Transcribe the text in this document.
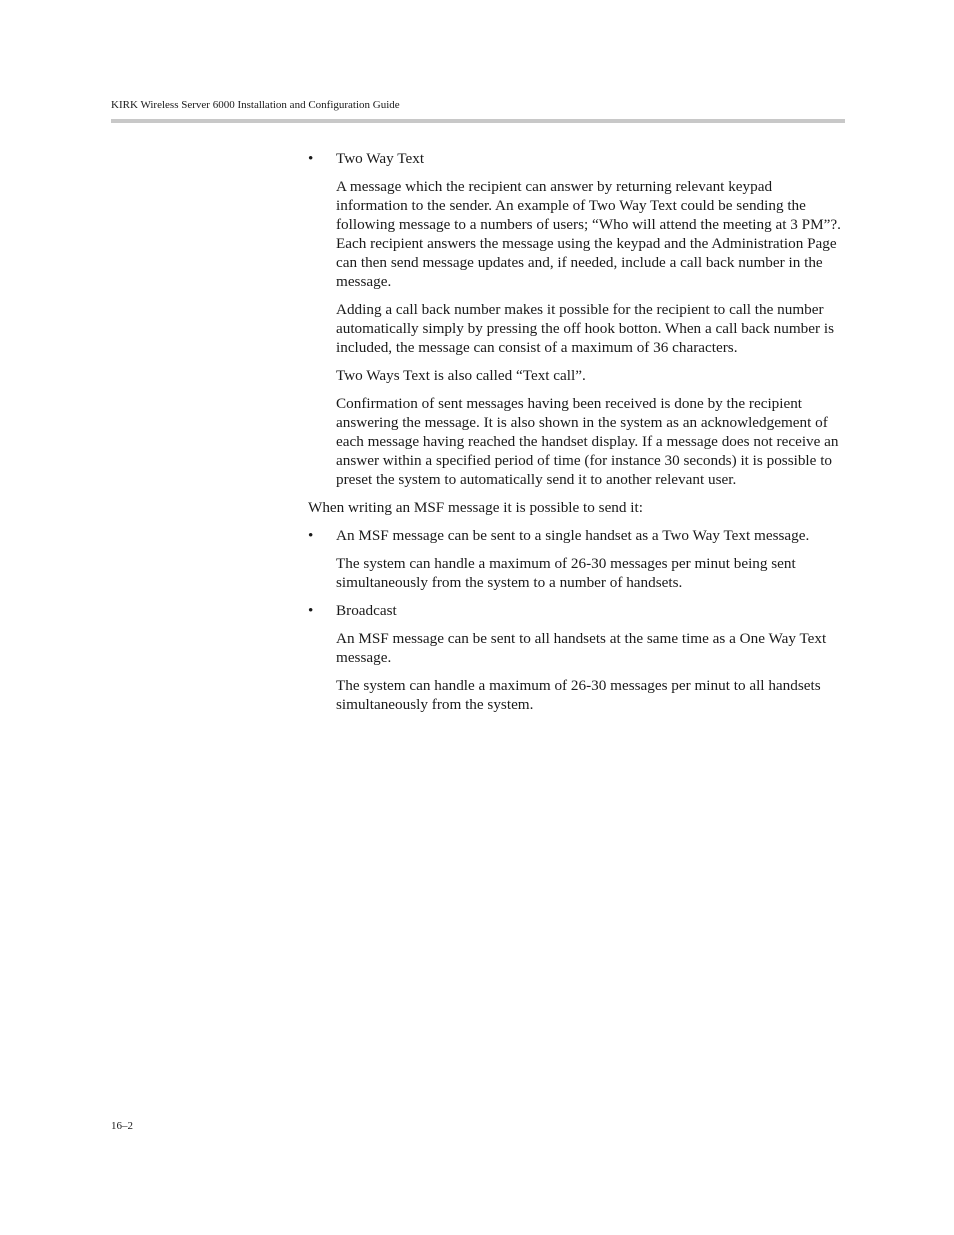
KIRK Wireless Server 6000 Installation and Configuration Guide
• Two Way Text

A message which the recipient can answer by returning relevant keypad information to the sender. An example of Two Way Text could be sending the following message to a numbers of users; “Who will attend the meeting at 3 PM”?. Each recipient answers the message using the keypad and the Administration Page can then send message updates and, if needed, include a call back number in the message.

Adding a call back number makes it possible for the recipient to call the number automatically simply by pressing the off hook botton. When a call back number is included, the message can consist of a maximum of 36 characters.

Two Ways Text is also called “Text call”.

Confirmation of sent messages having been received is done by the recipient answering the message. It is also shown in the system as an acknowledgement of each message having reached the handset display. If a message does not receive an answer within a specified period of time (for instance 30 seconds) it is possible to preset the system to automatically send it to another relevant user.

When writing an MSF message it is possible to send it:

• An MSF message can be sent to a single handset as a Two Way Text message.

The system can handle a maximum of 26-30 messages per minut being sent simultaneously from the system to a number of handsets.

• Broadcast

An MSF message can be sent to all handsets at the same time as a One Way Text message.

The system can handle a maximum of 26-30 messages per minut to all handsets simultaneously from the system.

16–2
